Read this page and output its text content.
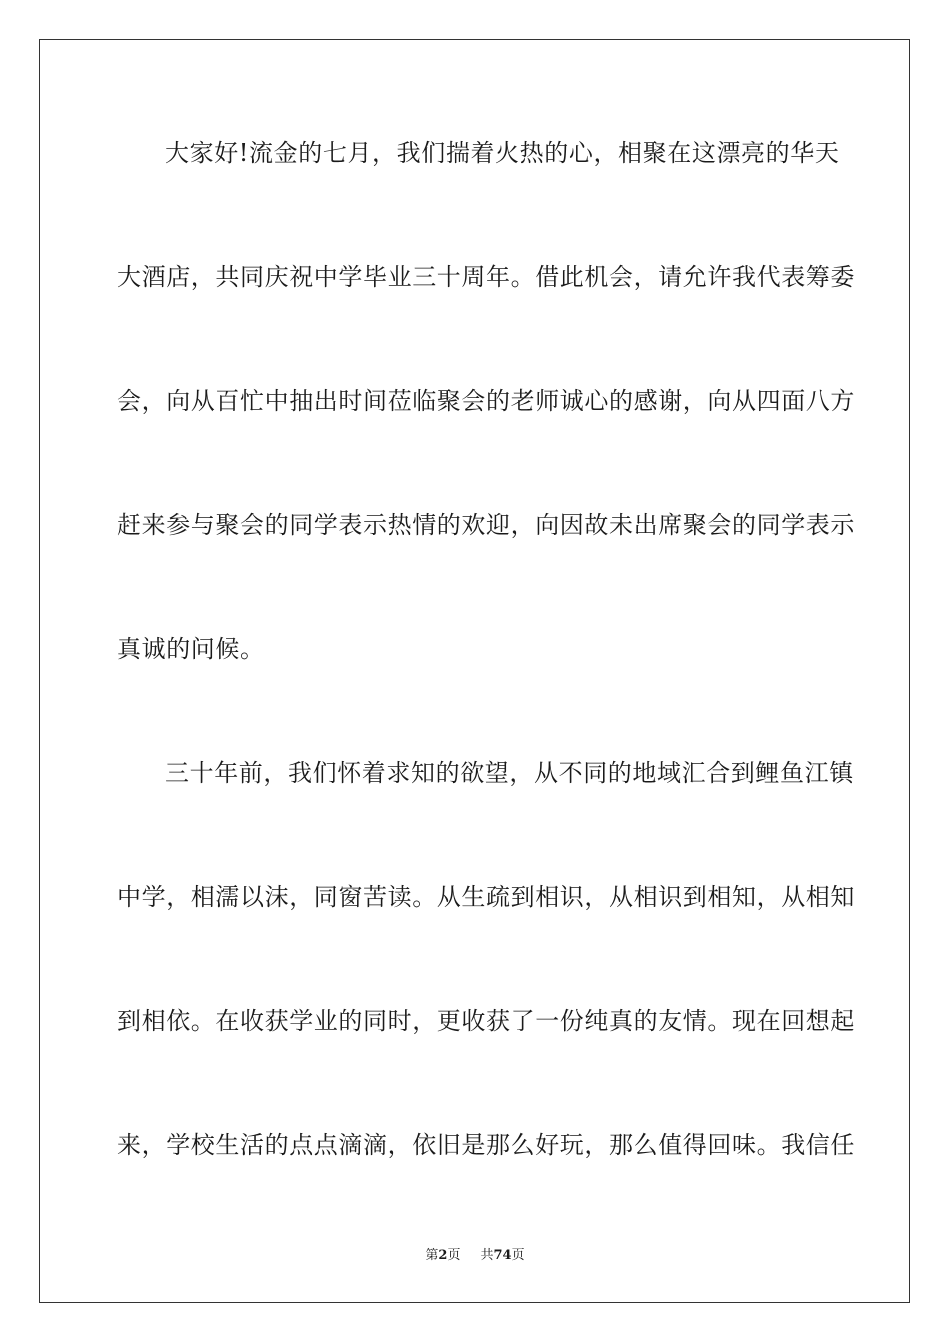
大家好!流金的七月，我们揣着火热的心，相聚在这漂亮的华天
大酒店，共同庆祝中学毕业三十周年。借此机会，请允许我代表筹委
会，向从百忙中抽出时间莅临聚会的老师诚心的感谢，向从四面八方
赶来参与聚会的同学表示热情的欢迎，向因故未出席聚会的同学表示
真诚的问候。
三十年前，我们怀着求知的欲望，从不同的地域汇合到鲤鱼江镇
中学，相濡以沫，同窗苦读。从生疏到相识，从相识到相知，从相知
到相依。在收获学业的同时，更收获了一份纯真的友情。现在回想起
来，学校生活的点点滴滴，依旧是那么好玩，那么值得回味。我信任
第2页 共74页
